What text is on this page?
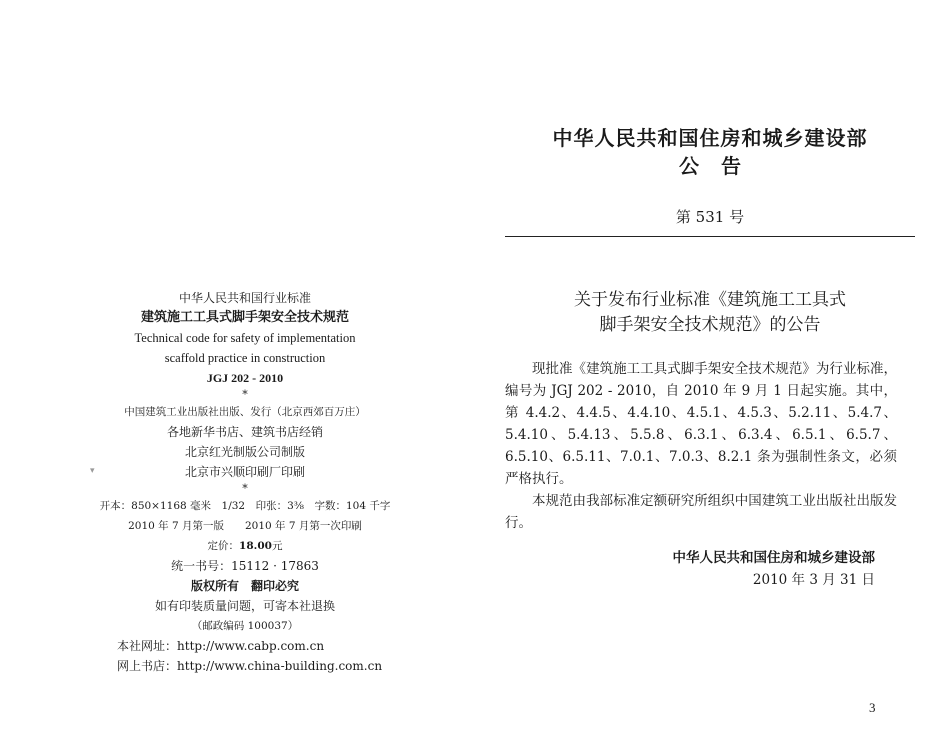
中华人民共和国行业标准
建筑施工工具式脚手架安全技术规范
Technical code for safety of implementation
scaffold practice in construction
JGJ 202 - 2010
*
中国建筑工业出版社出版、发行（北京西郊百万庄）
各地新华书店、建筑书店经销
北京红光制版公司制版
北京市兴顺印刷厂印刷
*
开本：850×1168 毫米　1/32　印张：3⅜　字数：104 千字
2010 年 7 月第一版　　2010 年 7 月第一次印刷
定价：18.00元
统一书号：15112 · 17863
版权所有　翻印必究
如有印装质量问题，可寄本社退换
（邮政编码 100037）
本社网址：http://www.cabp.com.cn
网上书店：http://www.china-building.com.cn
▾
中华人民共和国住房和城乡建设部
公告
第 531 号
关于发布行业标准《建筑施工工具式
脚手架安全技术规范》的公告

现批准《建筑施工工具式脚手架安全技术规范》为行业标准，编号为 JGJ 202 - 2010，自 2010 年 9 月 1 日起实施。其中，第 4.4.2、4.4.5、4.4.10、4.5.1、4.5.3、5.2.11、5.4.7、5.4.10、5.4.13、5.5.8、6.3.1、6.3.4、6.5.1、6.5.7、6.5.10、6.5.11、7.0.1、7.0.3、8.2.1 条为强制性条文，必须严格执行。

本规范由我部标准定额研究所组织中国建筑工业出版社出版发行。

中华人民共和国住房和城乡建设部
2010 年 3 月 31 日
3
